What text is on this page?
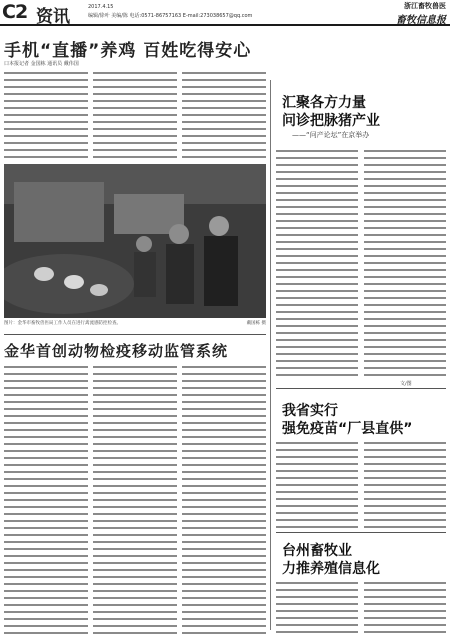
C2 资讯	2017.4.15
编辑/徐叶 美编/陈 电话:0571-86757163 E-mail:273038657@qq.com
浙江畜牧兽医
畜牧信息报
手机“直播”养鸡 百姓吃得安心
口本报记者 金国栋 通讯员 戴伟国
图片：金华市畜牧兽医局工作人员在进行禽流感防控检查。	戴国栋 摄
金华首创动物检疫移动监管系统
汇聚各方力量
问诊把脉猪产业
——“问产论坛”在京举办
文/图
我省实行
强免疫苗“厂县直供”
台州畜牧业
力推养殖信息化
